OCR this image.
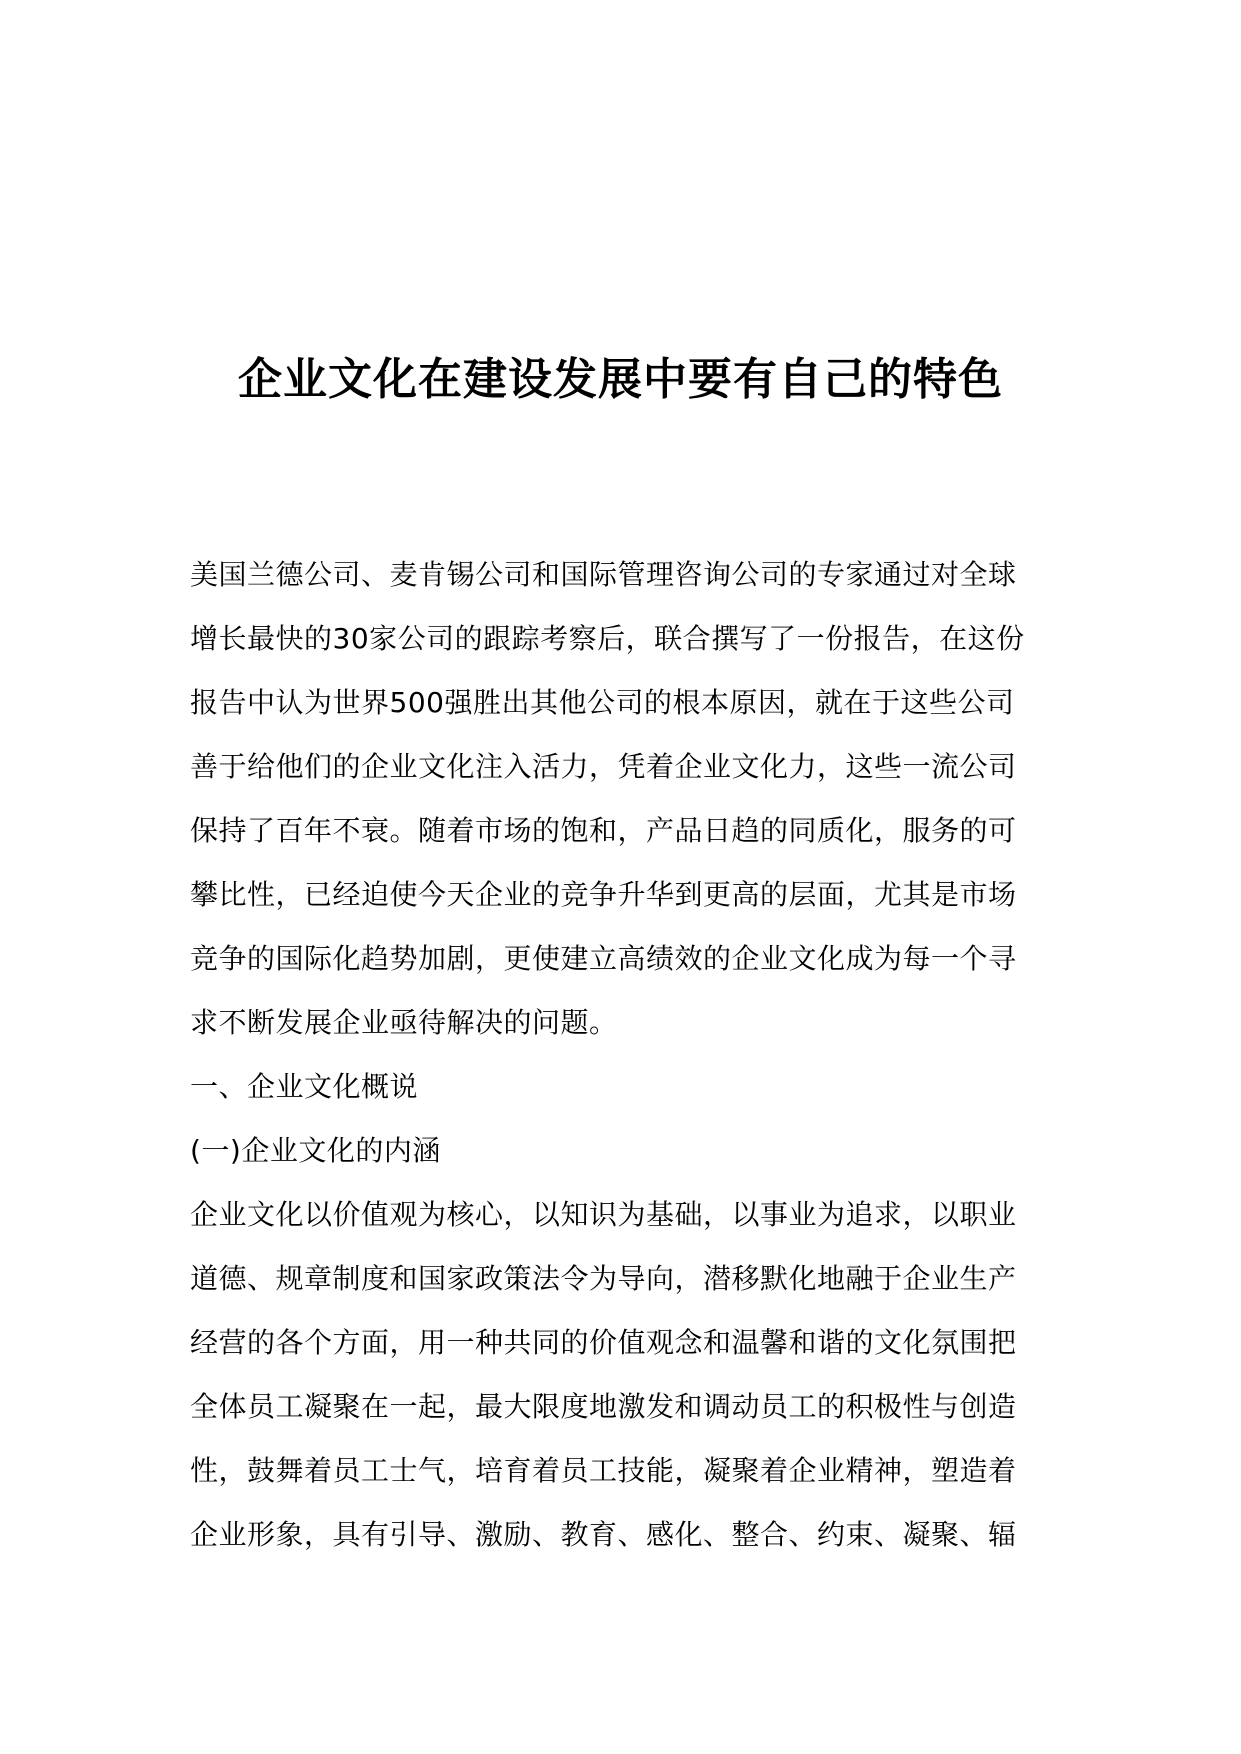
企业文化在建设发展中要有自己的特色
美国兰德公司、麦肯锡公司和国际管理咨询公司的专家通过对全球
增长最快的30家公司的跟踪考察后，联合撰写了一份报告，在这份
报告中认为世界500强胜出其他公司的根本原因，就在于这些公司
善于给他们的企业文化注入活力，凭着企业文化力，这些一流公司
保持了百年不衰。随着市场的饱和，产品日趋的同质化，服务的可
攀比性，已经迫使今天企业的竞争升华到更高的层面，尤其是市场
竞争的国际化趋势加剧，更使建立高绩效的企业文化成为每一个寻
求不断发展企业亟待解决的问题。
一、企业文化概说
(一)企业文化的内涵
企业文化以价值观为核心，以知识为基础，以事业为追求，以职业
道德、规章制度和国家政策法令为导向，潜移默化地融于企业生产
经营的各个方面，用一种共同的价值观念和温馨和谐的文化氛围把
全体员工凝聚在一起，最大限度地激发和调动员工的积极性与创造
性，鼓舞着员工士气，培育着员工技能，凝聚着企业精神，塑造着
企业形象，具有引导、激励、教育、感化、整合、约束、凝聚、辐
